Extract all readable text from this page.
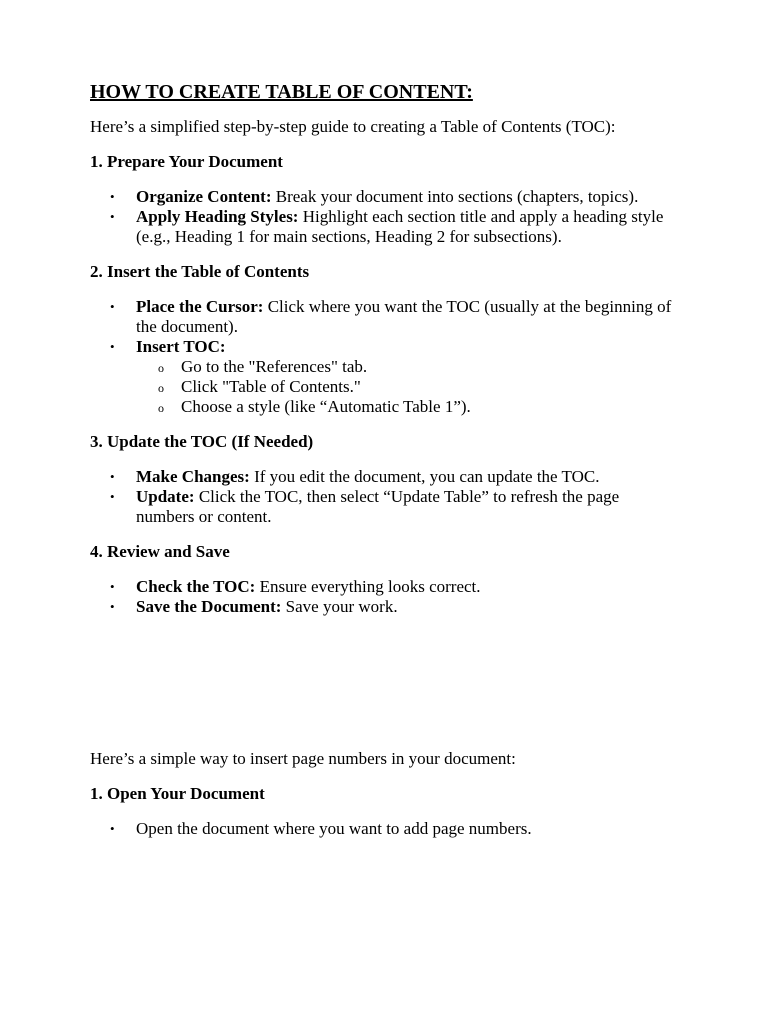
HOW TO CREATE TABLE OF CONTENT:

Here’s a simplified step-by-step guide to creating a Table of Contents (TOC):

1. Prepare Your Document
• Organize Content: Break your document into sections (chapters, topics).
• Apply Heading Styles: Highlight each section title and apply a heading style (e.g., Heading 1 for main sections, Heading 2 for subsections).
2. Insert the Table of Contents
• Place the Cursor: Click where you want the TOC (usually at the beginning of the document).
• Insert TOC:
o Go to the "References" tab.
o Click "Table of Contents."
o Choose a style (like “Automatic Table 1”).
3. Update the TOC (If Needed)
• Make Changes: If you edit the document, you can update the TOC.
• Update: Click the TOC, then select “Update Table” to refresh the page numbers or content.
4. Review and Save
• Check the TOC: Ensure everything looks correct.
• Save the Document: Save your work.

Here’s a simple way to insert page numbers in your document:

1. Open Your Document
• Open the document where you want to add page numbers.
